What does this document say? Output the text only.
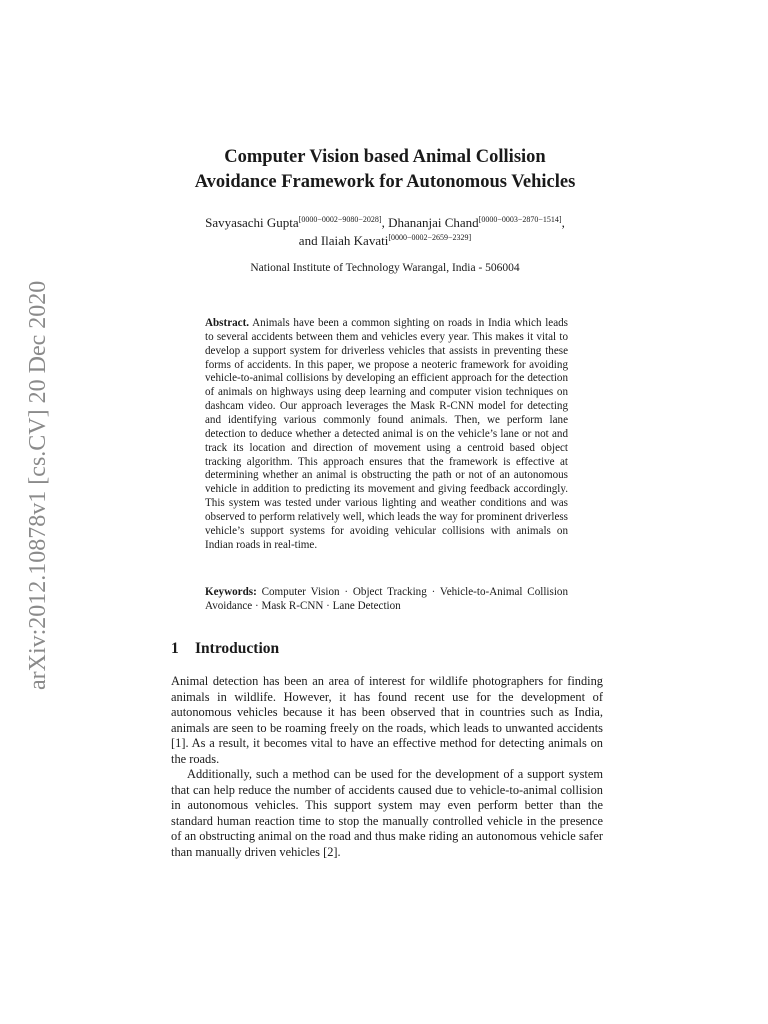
arXiv:2012.10878v1 [cs.CV] 20 Dec 2020
Computer Vision based Animal Collision
Avoidance Framework for Autonomous Vehicles
Savyasachi Gupta[0000−0002−9080−2028], Dhananjai Chand[0000−0003−2870−1514],
and Ilaiah Kavati[0000−0002−2659−2329]
National Institute of Technology Warangal, India - 506004
Abstract. Animals have been a common sighting on roads in India which leads to several accidents between them and vehicles every year. This makes it vital to develop a support system for driverless vehicles that assists in preventing these forms of accidents. In this paper, we propose a neoteric framework for avoiding vehicle-to-animal collisions by developing an efficient approach for the detection of animals on highways using deep learning and computer vision techniques on dashcam video. Our approach leverages the Mask R-CNN model for detecting and identifying various commonly found animals. Then, we perform lane detection to deduce whether a detected animal is on the vehicle’s lane or not and track its location and direction of movement using a centroid based object tracking algorithm. This approach ensures that the framework is effective at determining whether an animal is obstructing the path or not of an autonomous vehicle in addition to predicting its movement and giving feedback accordingly. This system was tested under various lighting and weather conditions and was observed to perform relatively well, which leads the way for prominent driverless vehicle’s support systems for avoiding vehicular collisions with animals on Indian roads in real-time.
Keywords: Computer Vision · Object Tracking · Vehicle-to-Animal Collision Avoidance · Mask R-CNN · Lane Detection
1 Introduction

Animal detection has been an area of interest for wildlife photographers for finding animals in wildlife. However, it has found recent use for the development of autonomous vehicles because it has been observed that in countries such as India, animals are seen to be roaming freely on the roads, which leads to unwanted accidents [1]. As a result, it becomes vital to have an effective method for detecting animals on the roads.

Additionally, such a method can be used for the development of a support system that can help reduce the number of accidents caused due to vehicle-to-animal collision in autonomous vehicles. This support system may even perform better than the standard human reaction time to stop the manually controlled vehicle in the presence of an obstructing animal on the road and thus make riding an autonomous vehicle safer than manually driven vehicles [2].
